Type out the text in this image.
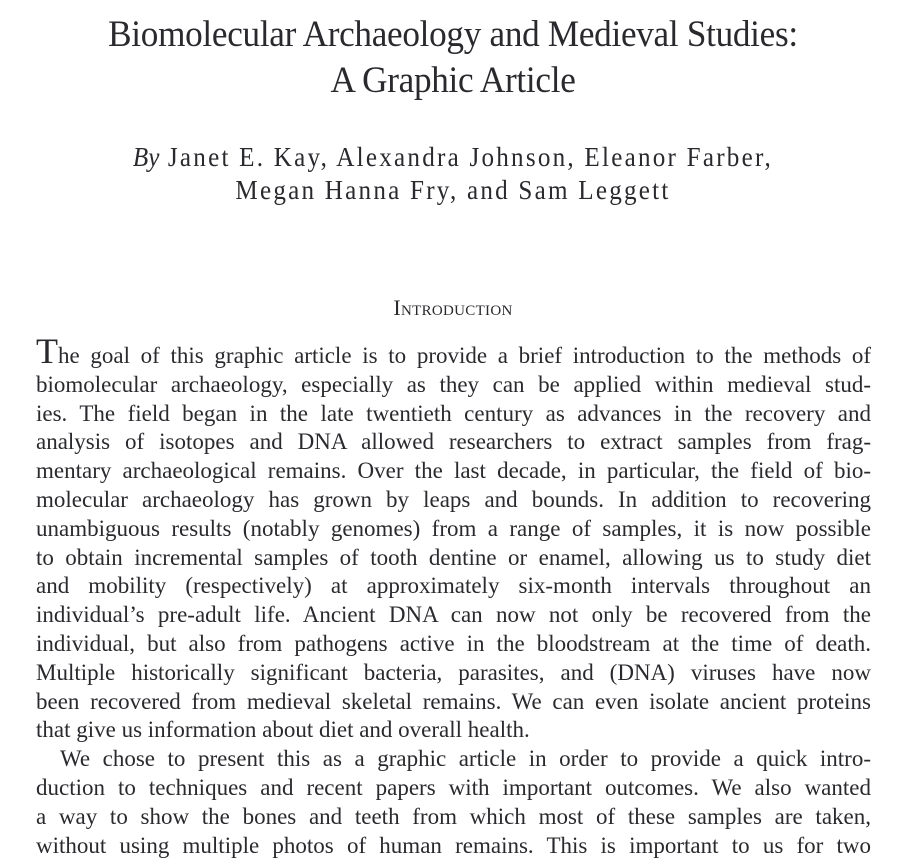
Biomolecular Archaeology and Medieval Studies:
A Graphic Article
By Janet E. Kay, Alexandra Johnson, Eleanor Farber,
Megan Hanna Fry, and Sam Leggett
Introduction

The goal of this graphic article is to provide a brief introduction to the methods of
biomolecular archaeology, especially as they can be applied within medieval stud-
ies. The field began in the late twentieth century as advances in the recovery and
analysis of isotopes and DNA allowed researchers to extract samples from frag-
mentary archaeological remains. Over the last decade, in particular, the field of bio-
molecular archaeology has grown by leaps and bounds. In addition to recovering
unambiguous results (notably genomes) from a range of samples, it is now possible
to obtain incremental samples of tooth dentine or enamel, allowing us to study diet
and mobility (respectively) at approximately six-month intervals throughout an
individual’s pre-adult life. Ancient DNA can now not only be recovered from the
individual, but also from pathogens active in the bloodstream at the time of death.
Multiple historically significant bacteria, parasites, and (DNA) viruses have now
been recovered from medieval skeletal remains. We can even isolate ancient proteins
that give us information about diet and overall health.

We chose to present this as a graphic article in order to provide a quick intro-
duction to techniques and recent papers with important outcomes. We also wanted
a way to show the bones and teeth from which most of these samples are taken,
without using multiple photos of human remains. This is important to us for two
